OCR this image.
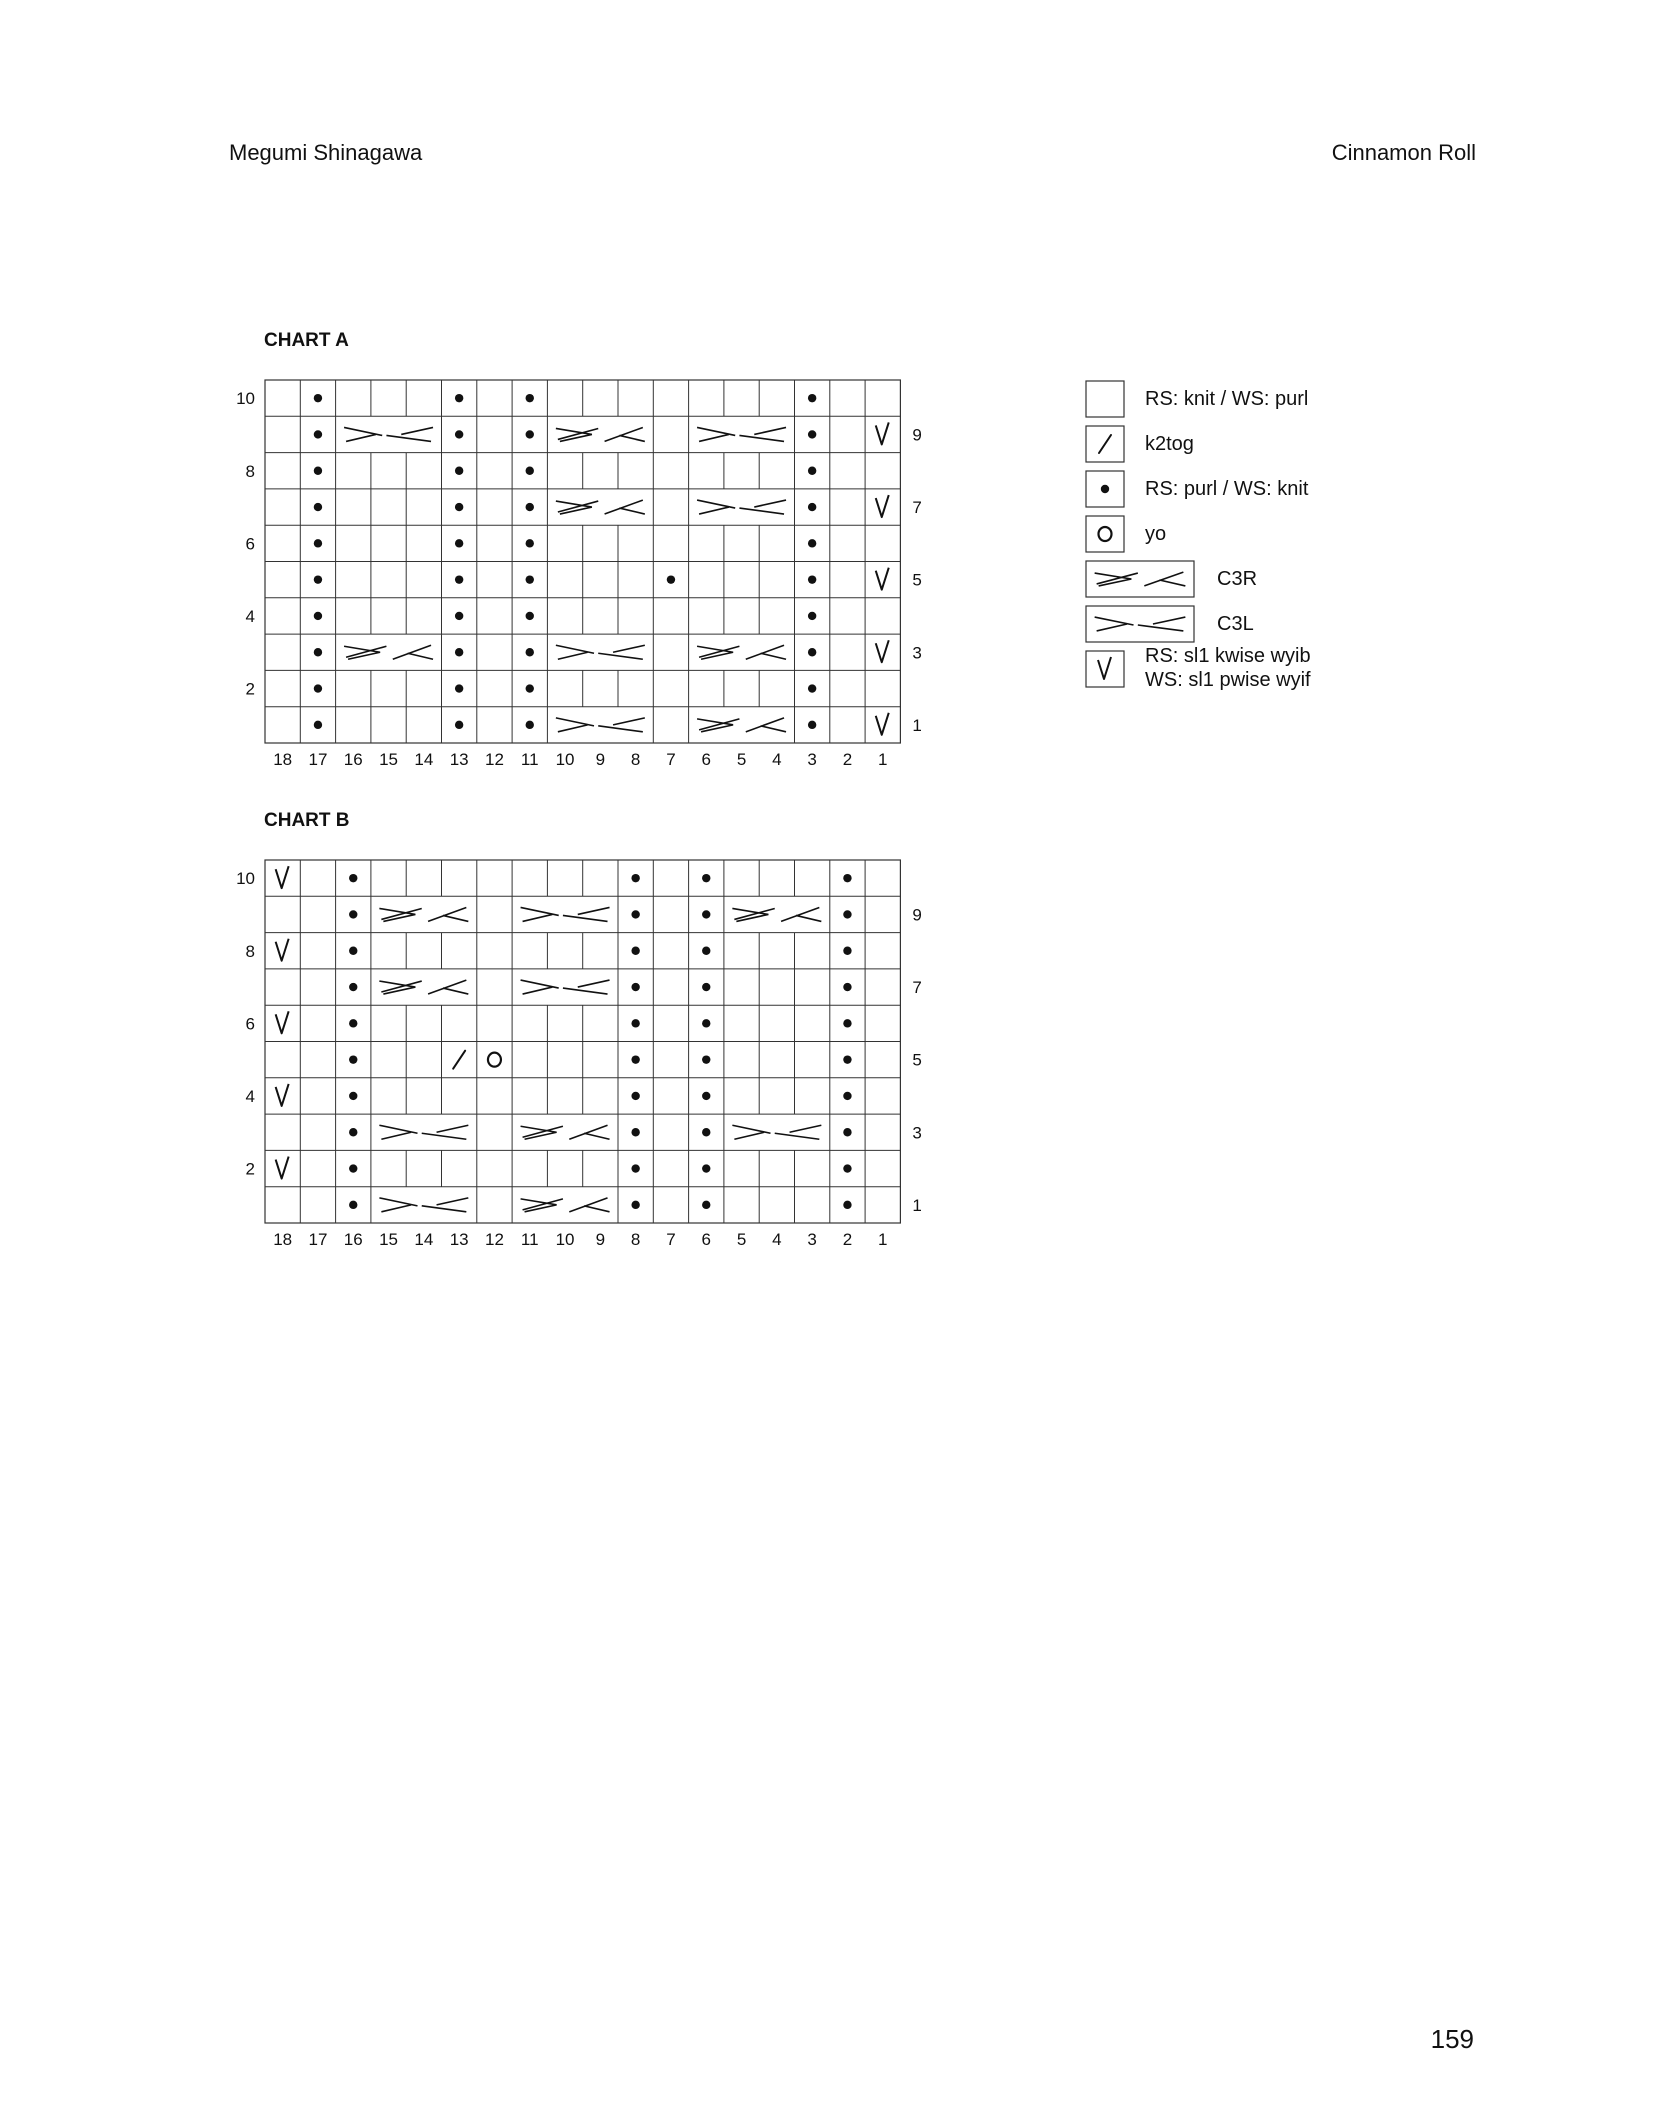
Megumi Shinagawa	Cinnamon Roll
CHART A
18 17 16 15 14 13 12 11 10 9 8 7 6 5 4 3 2 1
10
8
6
4
2
9
7
5
3
1
CHART B
18 17 16 15 14 13 12 11 10 9 8 7 6 5 4 3 2 1
10
8
6
4
2
9
7
5
3
1
RS: knit / WS: purl
k2tog
RS: purl / WS: knit
yo
C3R
C3L
RS: sl1 kwise wyib
WS: sl1 pwise wyif
159
